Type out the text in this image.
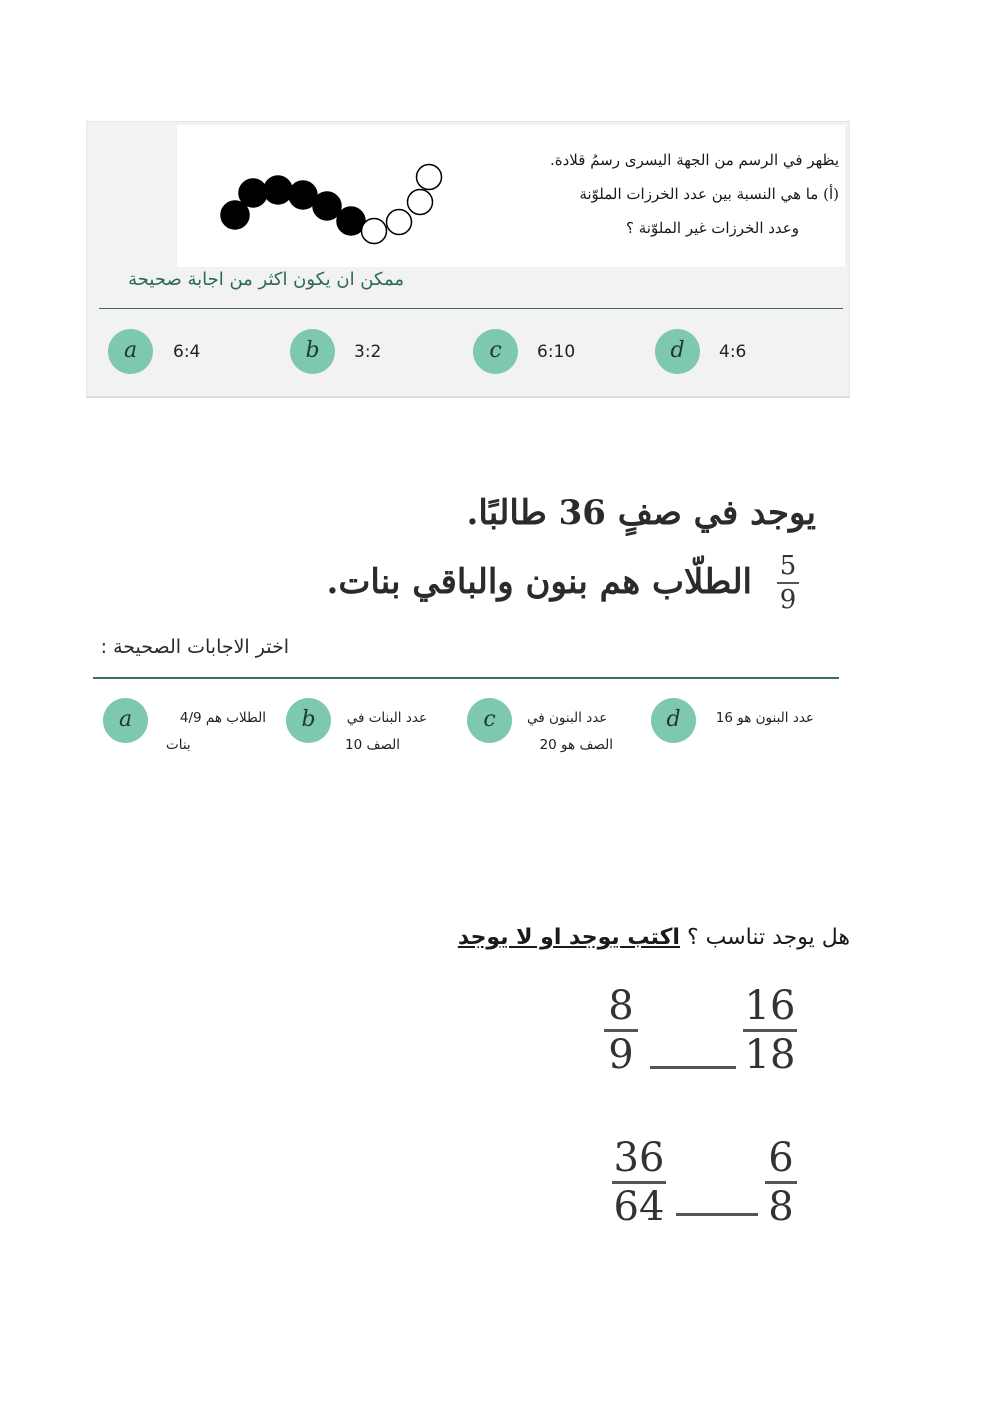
يظهر في الرسم من الجهة اليسرى رسمُ قلادة.
(أ) ما هي النسبة بين عدد الخرزات الملوّنة
وعدد الخرزات غير الملوّنة ؟
ممكن ان يكون اكثر من اجابة صحيحة
a	6:4	b	3:2	c	6:10	d	4:6
يوجد في صفٍ 36 طالبًا.
الطلّاب هم بنون والباقي بنات. 5
9
اختر الاجابات الصحيحة :
a	الطلاب هم 4/9
بنات
b	عدد البنات في
الصف 10
c	عدد البنون في
الصف هو 20
d	عدد البنون هو 16
هل يوجد تناسب ؟ اكتب يوجد او لا يوجد
8
9
16
18
36
64
6
8
